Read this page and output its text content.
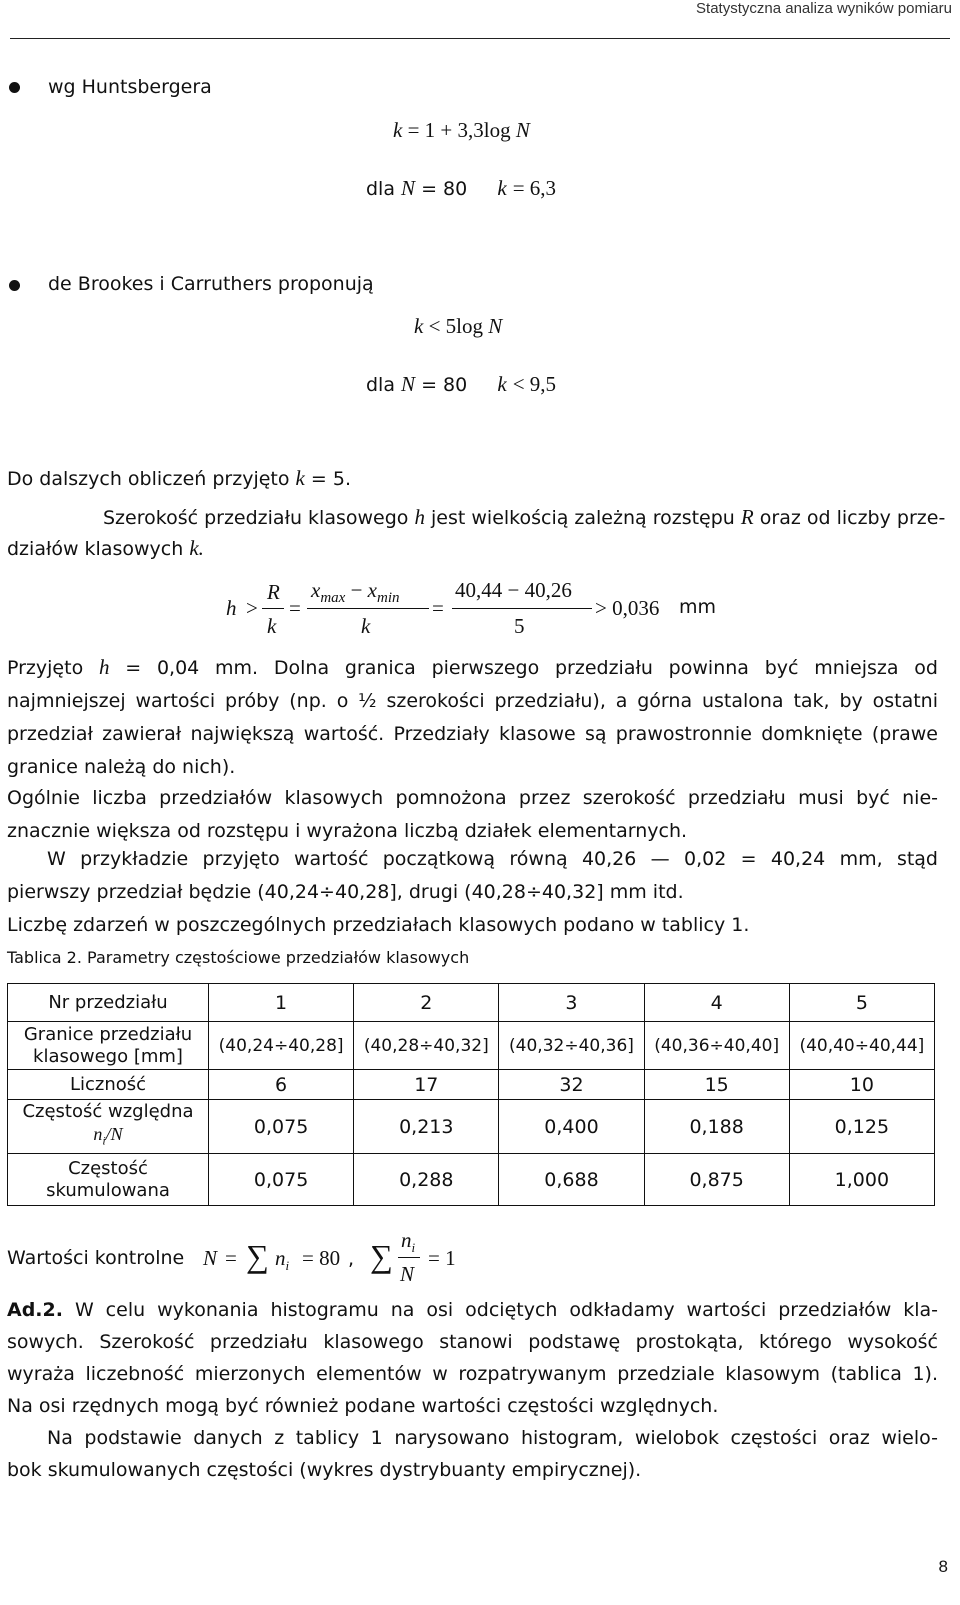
Statystyczna analiza wyników pomiaru
wg Huntsbergera
k = 1 + 3,3log N
dla N = 80 k = 6,3
de Brookes i Carruthers proponują
k < 5log N
dla N = 80 k < 9,5
Do dalszych obliczeń przyjęto k = 5.
Szerokość przedziału klasowego h jest wielkością zależną rozstępu R oraz od liczby prze-
działów klasowych k.
h >
R
k
=
$x_{max} - x_{min}$
k
=
40,44 − 40,26
5
> 0,036 mm
Przyjęto h = 0,04 mm. Dolna granica pierwszego przedziału powinna być mniejsza od
najmniejszej wartości próby (np. o ½ szerokości przedziału), a górna ustalona tak, by ostatni
przedział zawierał największą wartość. Przedziały klasowe są prawostronnie domknięte (prawe
granice należą do nich).
Ogólnie liczba przedziałów klasowych pomnożona przez szerokość przedziału musi być nie-
znacznie większa od rozstępu i wyrażona liczbą działek elementarnych.
W przykładzie przyjęto wartość początkową równą 40,26 — 0,02 = 40,24 mm, stąd
pierwszy przedział będzie (40,24÷40,28], drugi (40,28÷40,32] mm itd.
Liczbę zdarzeń w poszczególnych przedziałach klasowych podano w tablicy 1.
Tablica 2. Parametry częstościowe przedziałów klasowych
Nr przedziału	1	2	3	4	5

Granice przedziału
klasowego [mm]	(40,24÷40,28]	(40,28÷40,32]	(40,32÷40,36]	(40,36÷40,40]	(40,40÷40,44]
Liczność	6	17	32	15	10

Częstość względna
$n_i/N$	0,075	0,213	0,400	0,188	0,125

Częstość
skumulowana	0,075	0,288	0,688	0,875	1,000
Wartości kontrolne N = ∑ $n_i = 80$ , ∑ $n_i$
N
= 1
Ad.2. W celu wykonania histogramu na osi odciętych odkładamy wartości przedziałów kla-
sowych. Szerokość przedziału klasowego stanowi podstawę prostokąta, którego wysokość
wyraża liczebność mierzonych elementów w rozpatrywanym przedziale klasowym (tablica 1).
Na osi rzędnych mogą być również podane wartości częstości względnych.
Na podstawie danych z tablicy 1 narysowano histogram, wielobok częstości oraz wielo-
bok skumulowanych częstości (wykres dystrybuanty empirycznej).
8
